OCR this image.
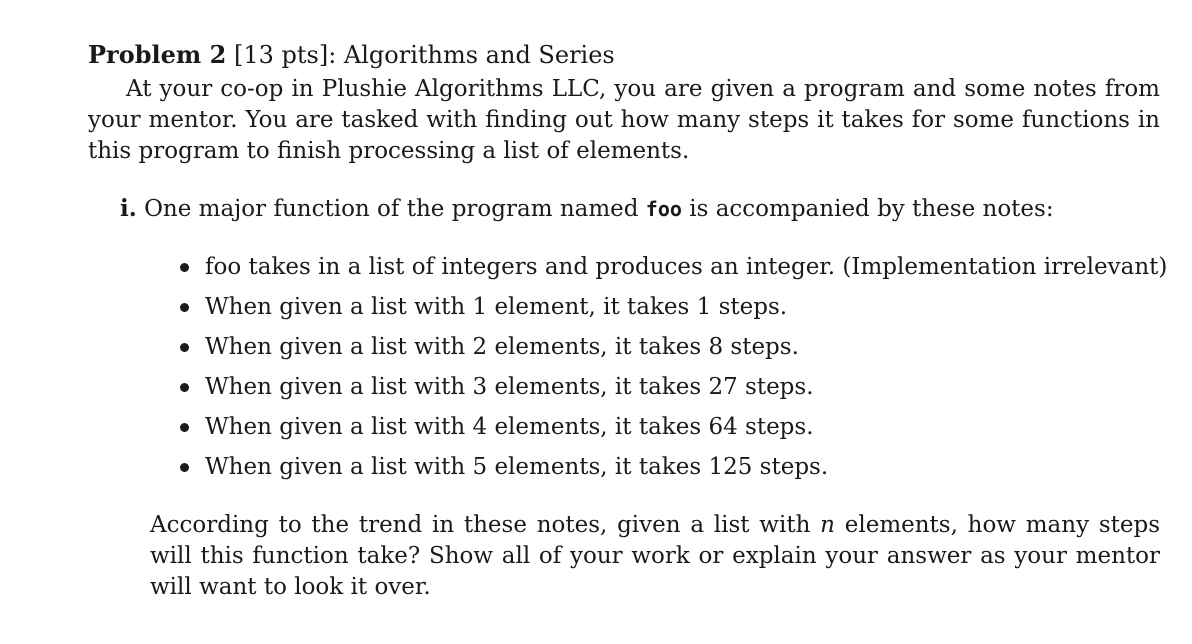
Problem 2 [13 pts]: Algorithms and Series

At your co-op in Plushie Algorithms LLC, you are given a program and some notes from your mentor. You are tasked with finding out how many steps it takes for some functions in this program to finish processing a list of elements.

i. One major function of the program named foo is accompanied by these notes:
foo takes in a list of integers and produces an integer. (Implementation irrelevant)
When given a list with 1 element, it takes 1 steps.
When given a list with 2 elements, it takes 8 steps.
When given a list with 3 elements, it takes 27 steps.
When given a list with 4 elements, it takes 64 steps.
When given a list with 5 elements, it takes 125 steps.

According to the trend in these notes, given a list with n elements, how many steps will this function take? Show all of your work or explain your answer as your mentor will want to look it over.
